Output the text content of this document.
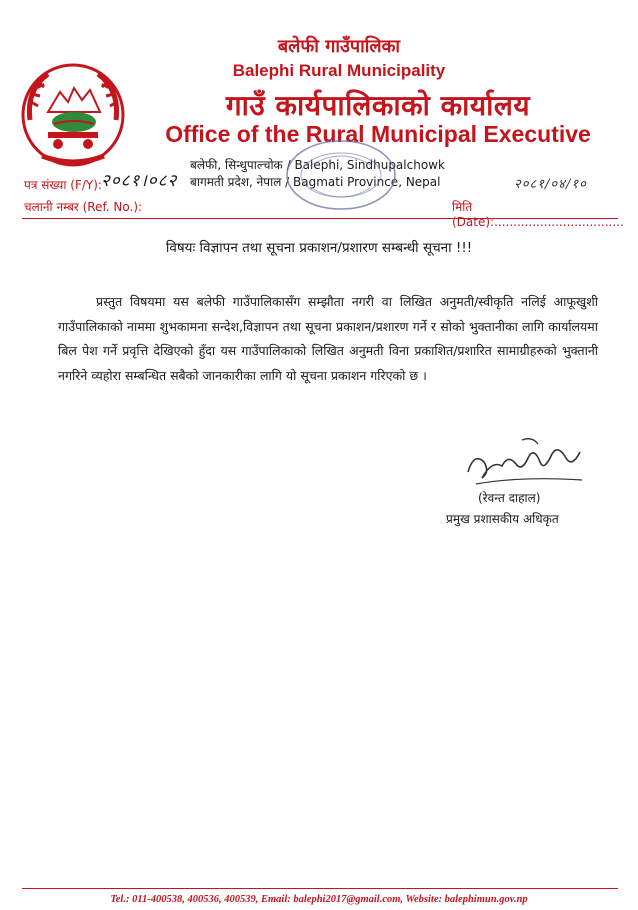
बलेफी गाउँपालिका
Balephi Rural Municipality
गाउँ कार्यपालिकाको कार्यालय
Office of the Rural Municipal Executive
बलेफी, सिन्धुपाल्चोक / Balephi, Sindhupalchowk
बागमती प्रदेश, नेपाल / Bagmati Province, Nepal
पत्र संख्या (F/Y): २०८१।०८२	२०८१/०४/१०
चलानी नम्बर (Ref. No.):	मिति (Date):..................................
विषयः विज्ञापन तथा सूचना प्रकाशन/प्रशारण सम्बन्धी सूचना !!!
प्रस्तुत विषयमा यस बलेफी गाउँपालिकासँग सम्झौता नगरी वा लिखित अनुमती/स्वीकृति नलिई आफूखुशी गाउँपालिकाको नाममा शुभकामना सन्देश,विज्ञापन तथा सूचना प्रकाशन/प्रशारण गर्ने र सोको भुक्तानीका लागि कार्यालयमा बिल पेश गर्ने प्रवृत्ति देखिएको हुँदा यस गाउँपालिकाको लिखित अनुमती विना प्रकाशित/प्रशारित सामाग्रीहरुको भुक्तानी नगरिने व्यहोरा सम्बन्धित सबैको जानकारीका लागि यो सूचना प्रकाशन गरिएको छ ।
(रेवन्त दाहाल)
प्रमुख प्रशासकीय अधिकृत
Tel.: 011-400538, 400536, 400539, Email: balephi2017@gmail.com, Website: balephimun.gov.np
